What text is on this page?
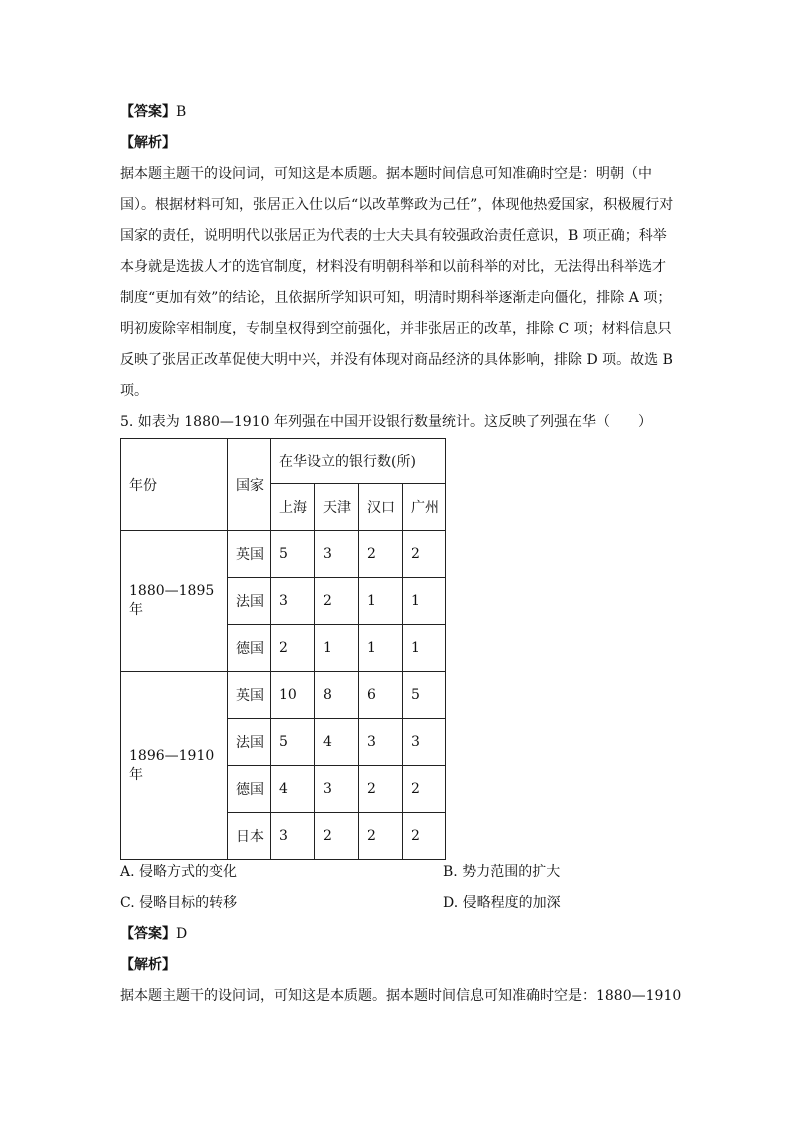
【答案】B
【解析】
据本题主题干的设问词，可知这是本质题。据本题时间信息可知准确时空是：明朝（中
国）。根据材料可知，张居正入仕以后“以改革弊政为己任”，体现他热爱国家，积极履行对
国家的责任，说明明代以张居正为代表的士大夫具有较强政治责任意识，B 项正确；科举
本身就是选拔人才的选官制度，材料没有明朝科举和以前科举的对比，无法得出科举选才
制度“更加有效”的结论，且依据所学知识可知，明清时期科举逐渐走向僵化，排除 A 项；
明初废除宰相制度，专制皇权得到空前强化，并非张居正的改革，排除 C 项；材料信息只
反映了张居正改革促使大明中兴，并没有体现对商品经济的具体影响，排除 D 项。故选 B
项。
5. 如表为 1880—1910 年列强在中国开设银行数量统计。这反映了列强在华（　　）
年份	国家	在华设立的银行数(所)			
		上海	天津	汉口	广州
1880—1895 年	英国	5	3	2	2
	法国	3	2	1	1
	德国	2	1	1	1
1896—1910 年	英国	10	8	6	5
	法国	5	4	3	3
	德国	4	3	2	2
	日本	3	2	2	2
A. 侵略方式的变化	B. 势力范围的扩大
C. 侵略目标的转移	D. 侵略程度的加深
【答案】D
【解析】
据本题主题干的设问词，可知这是本质题。据本题时间信息可知准确时空是：1880—1910
